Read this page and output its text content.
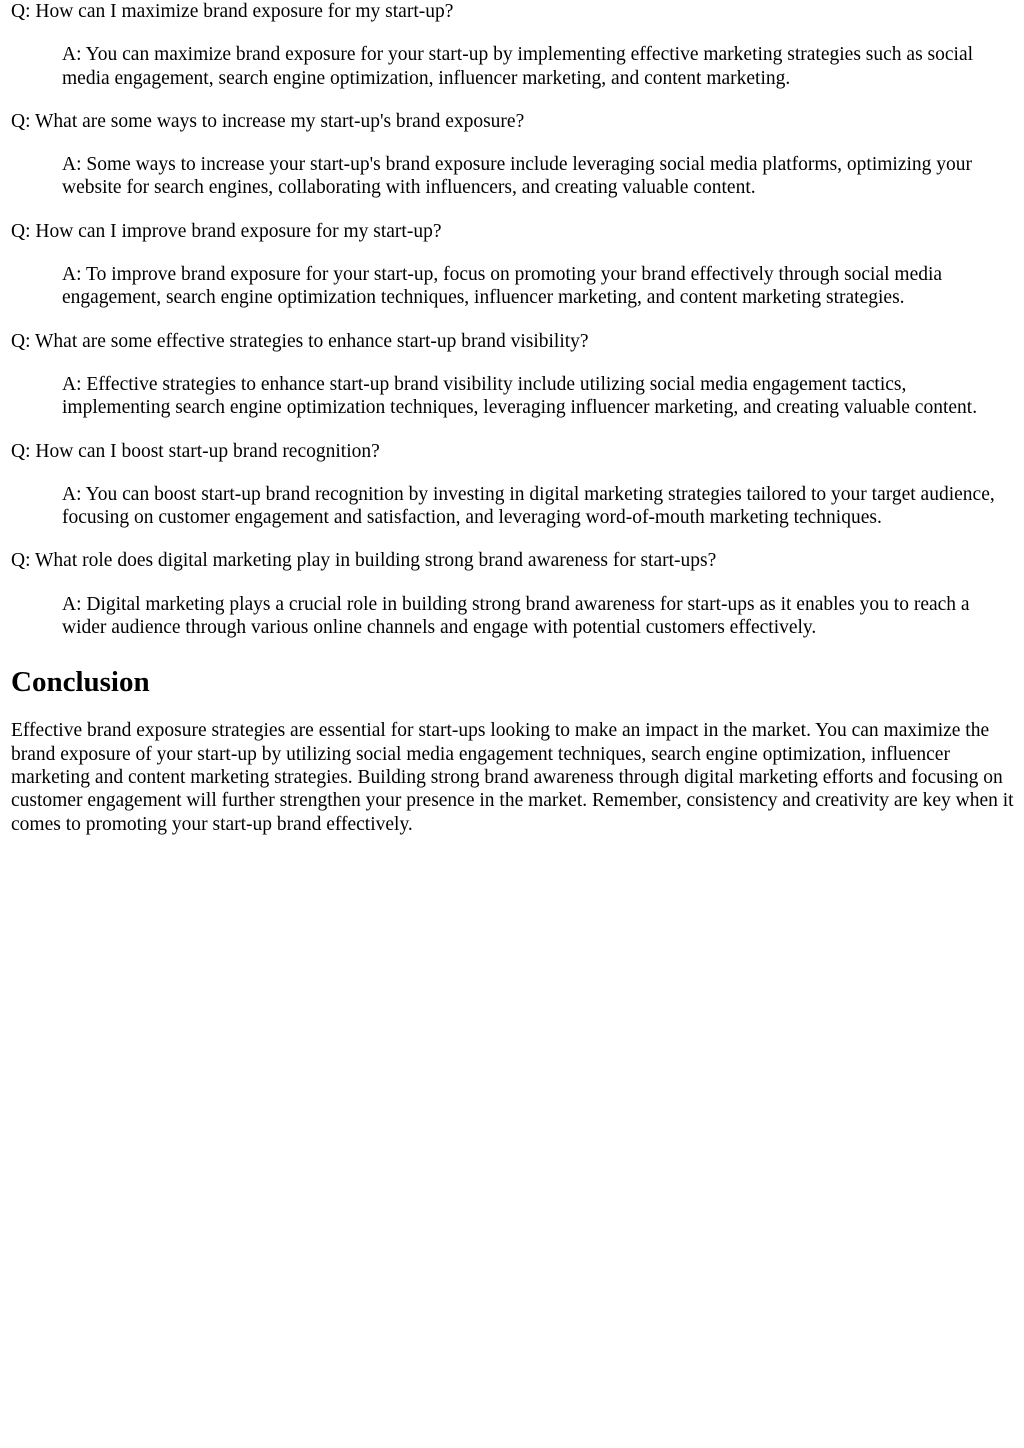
Q: How can I maximize brand exposure for my start-up?
A: You can maximize brand exposure for your start-up by implementing effective marketing strategies such as social media engagement, search engine optimization, influencer marketing, and content marketing.
Q: What are some ways to increase my start-up's brand exposure?
A: Some ways to increase your start-up's brand exposure include leveraging social media platforms, optimizing your website for search engines, collaborating with influencers, and creating valuable content.
Q: How can I improve brand exposure for my start-up?
A: To improve brand exposure for your start-up, focus on promoting your brand effectively through social media engagement, search engine optimization techniques, influencer marketing, and content marketing strategies.
Q: What are some effective strategies to enhance start-up brand visibility?
A: Effective strategies to enhance start-up brand visibility include utilizing social media engagement tactics, implementing search engine optimization techniques, leveraging influencer marketing, and creating valuable content.
Q: How can I boost start-up brand recognition?
A: You can boost start-up brand recognition by investing in digital marketing strategies tailored to your target audience, focusing on customer engagement and satisfaction, and leveraging word-of-mouth marketing techniques.
Q: What role does digital marketing play in building strong brand awareness for start-ups?
A: Digital marketing plays a crucial role in building strong brand awareness for start-ups as it enables you to reach a wider audience through various online channels and engage with potential customers effectively.
Conclusion

Effective brand exposure strategies are essential for start-ups looking to make an impact in the market. You can maximize the brand exposure of your start-up by utilizing social media engagement techniques, search engine optimization, influencer marketing and content marketing strategies. Building strong brand awareness through digital marketing efforts and focusing on customer engagement will further strengthen your presence in the market. Remember, consistency and creativity are key when it comes to promoting your start-up brand effectively.
